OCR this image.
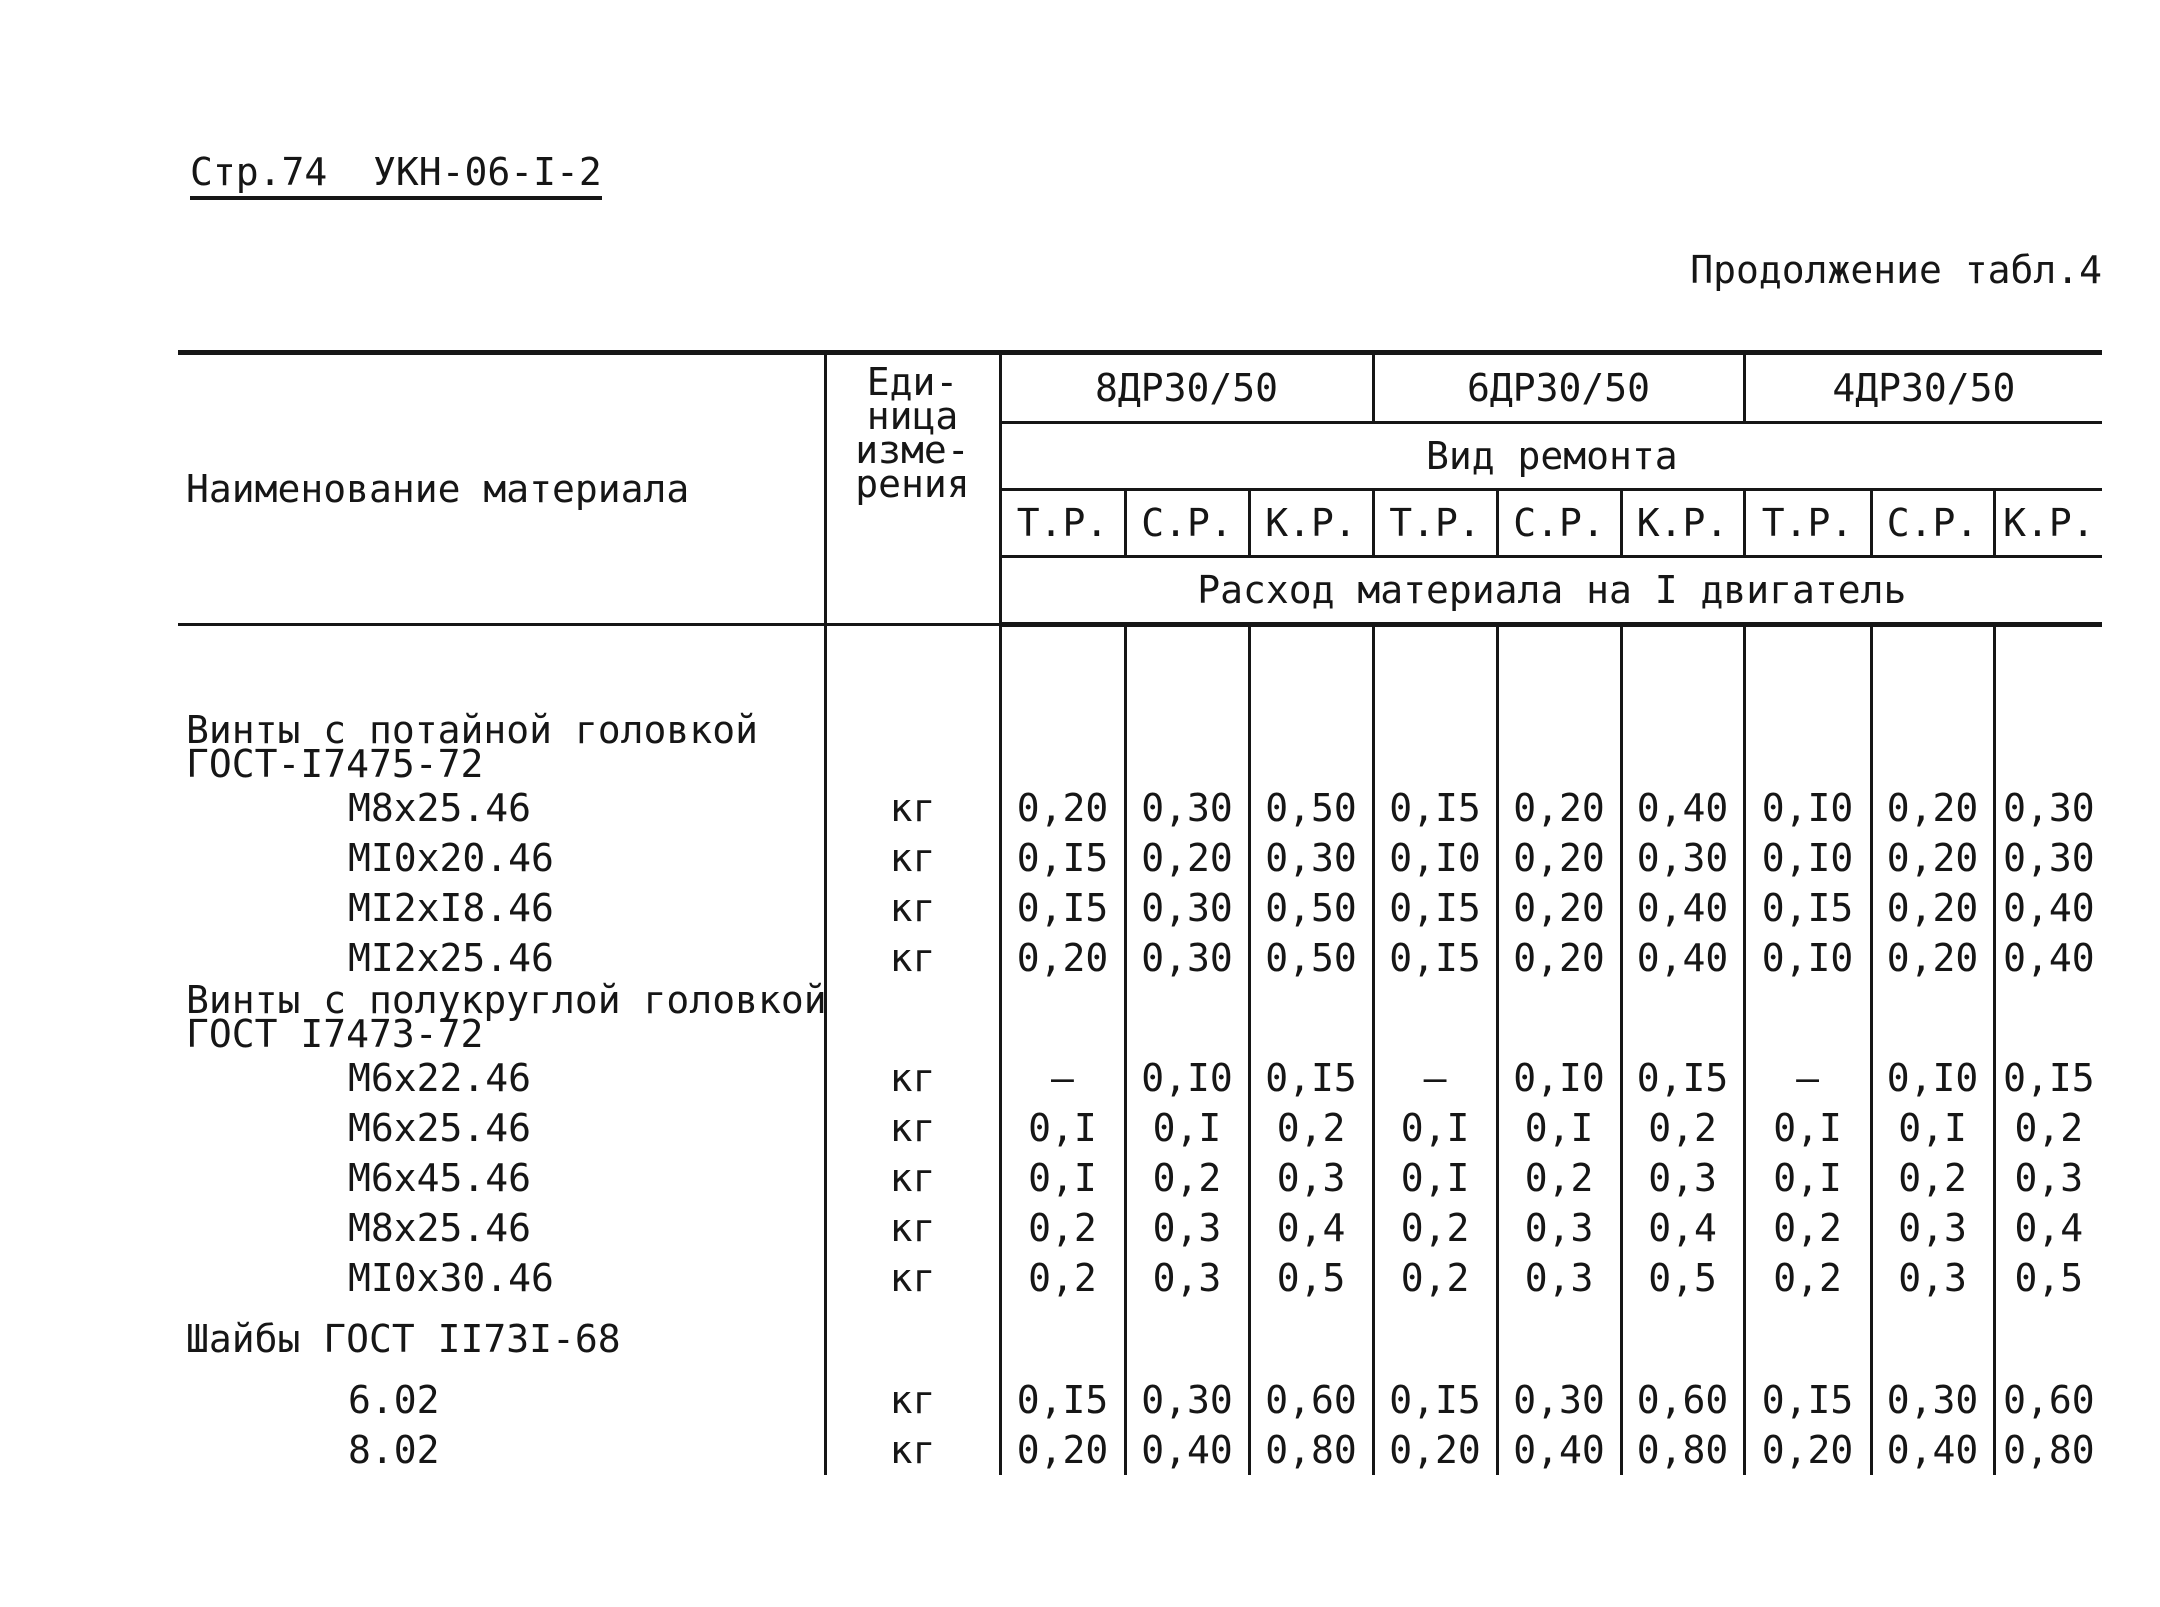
Стр.74  УКН-06-I-2
Продолжение табл.4
Наименование материала	Еди-
ница
изме-
рения	8ДР30/50			6ДР30/50			4ДР30/50		
		Вид ремонта								
		Т.Р.	С.Р.	К.Р.	Т.Р.	С.Р.	К.Р.	Т.Р.	С.Р.	К.Р.
		Расход материала на I двигатель								

Винты с потайной головкой
ГОСТ-I7475-72										
М8х25.46	кг	0,20	0,30	0,50	0,I5	0,20	0,40	0,I0	0,20	0,30
МI0х20.46	кг	0,I5	0,20	0,30	0,I0	0,20	0,30	0,I0	0,20	0,30
МI2хI8.46	кг	0,I5	0,30	0,50	0,I5	0,20	0,40	0,I5	0,20	0,40
МI2х25.46	кг	0,20	0,30	0,50	0,I5	0,20	0,40	0,I0	0,20	0,40
Винты с полукруглой головкой
ГОСТ I7473-72										
М6х22.46	кг	–	0,I0	0,I5	–	0,I0	0,I5	–	0,I0	0,I5
М6х25.46	кг	0,I	0,I	0,2	0,I	0,I	0,2	0,I	0,I	0,2
М6х45.46	кг	0,I	0,2	0,3	0,I	0,2	0,3	0,I	0,2	0,3
М8х25.46	кг	0,2	0,3	0,4	0,2	0,3	0,4	0,2	0,3	0,4
МI0х30.46	кг	0,2	0,3	0,5	0,2	0,3	0,5	0,2	0,3	0,5
Шайбы ГОСТ II73I-68										
6.02	кг	0,I5	0,30	0,60	0,I5	0,30	0,60	0,I5	0,30	0,60
8.02	кг	0,20	0,40	0,80	0,20	0,40	0,80	0,20	0,40	0,80
